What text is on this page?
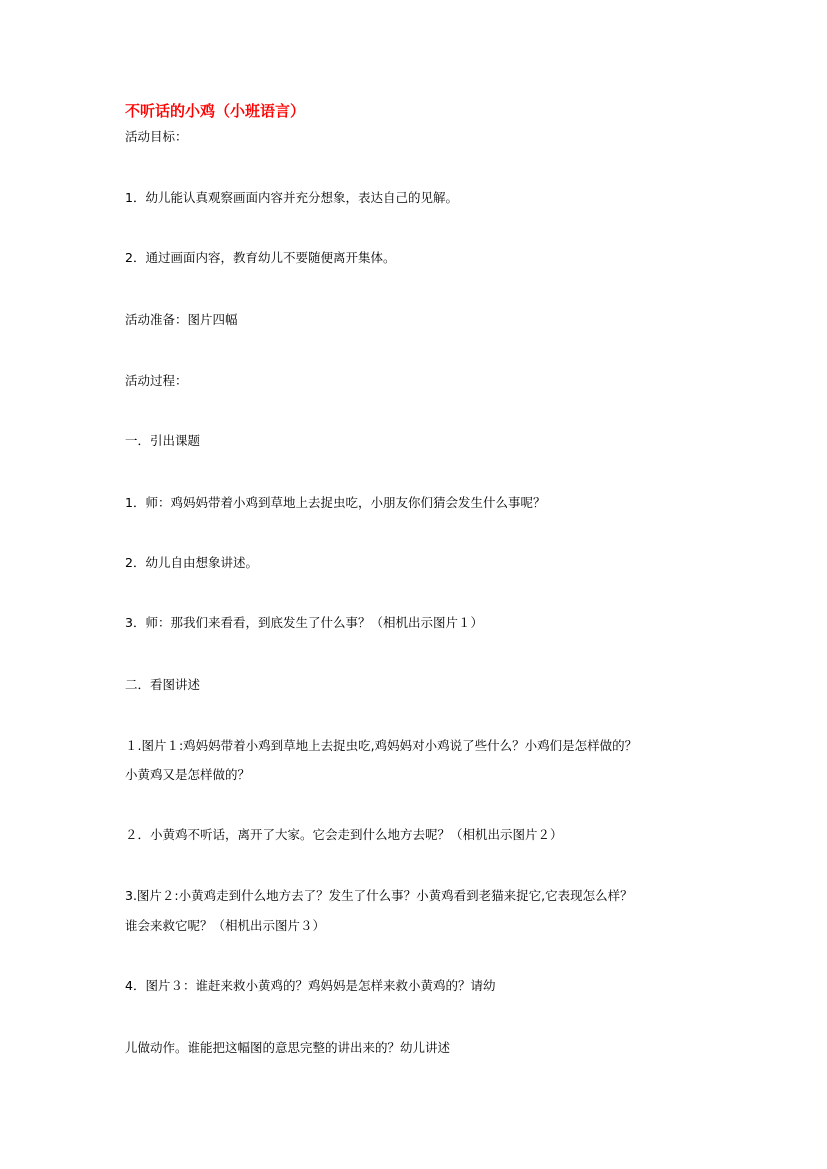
不听话的小鸡（小班语言）

活动目标：

1．幼儿能认真观察画面内容并充分想象，表达自己的见解。

2．通过画面内容，教育幼儿不要随便离开集体。

活动准备：图片四幅

活动过程：

一．引出课题

1．师：鸡妈妈带着小鸡到草地上去捉虫吃，小朋友你们猜会发生什么事呢？

2．幼儿自由想象讲述。

3．师：那我们来看看，到底发生了什么事？（相机出示图片１）

二．看图讲述

１.图片１:鸡妈妈带着小鸡到草地上去捉虫吃,鸡妈妈对小鸡说了些什么？小鸡们是怎样做的？

小黄鸡又是怎样做的？

２．小黄鸡不听话，离开了大家。它会走到什么地方去呢？（相机出示图片２）

3.图片２:小黄鸡走到什么地方去了？发生了什么事？小黄鸡看到老猫来捉它,它表现怎么样？

谁会来救它呢？（相机出示图片３）

4．图片３：谁赶来救小黄鸡的？鸡妈妈是怎样来救小黄鸡的？请幼

儿做动作。谁能把这幅图的意思完整的讲出来的？幼儿讲述
